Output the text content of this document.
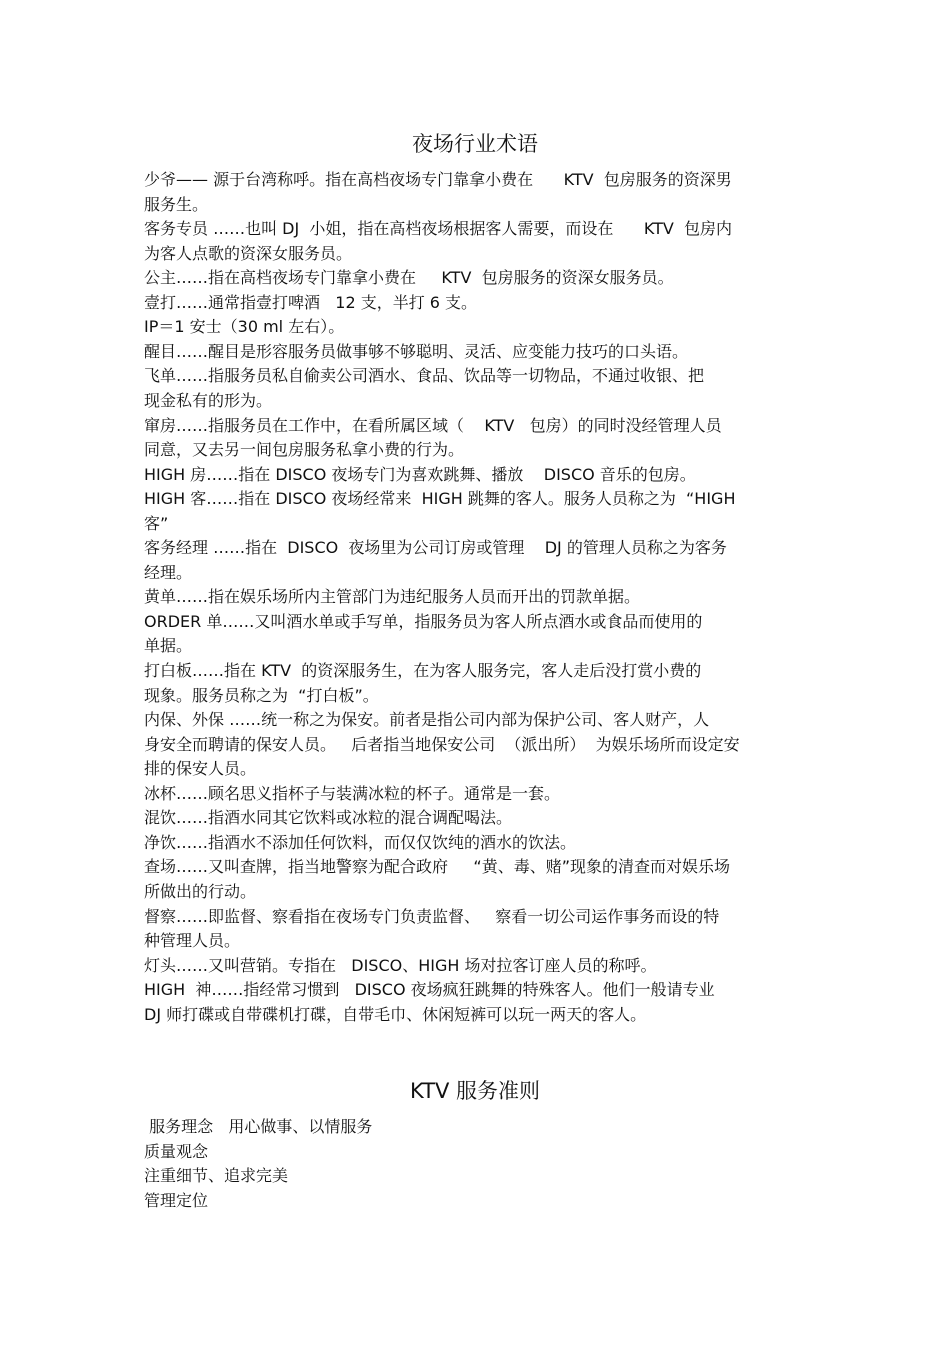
夜场行业术语
少爷—— 源于台湾称呼。指在高档夜场专门靠拿小费在      KTV  包房服务的资深男
服务生。
客务专员 ……也叫 DJ  小姐，指在高档夜场根据客人需要，而设在      KTV  包房内
为客人点歌的资深女服务员。
公主……指在高档夜场专门靠拿小费在     KTV  包房服务的资深女服务员。
壹打……通常指壹打啤酒   12 支，半打 6 支。
IP＝1 安士（30 ml 左右）。
醒目……醒目是形容服务员做事够不够聪明、灵活、应变能力技巧的口头语。
飞单……指服务员私自偷卖公司酒水、食品、饮品等一切物品，不通过收银、把
现金私有的形为。
窜房……指服务员在工作中，在看所属区域（    KTV   包房）的同时没经管理人员
同意，又去另一间包房服务私拿小费的行为。
HIGH 房……指在 DISCO 夜场专门为喜欢跳舞、播放    DISCO 音乐的包房。
HIGH 客……指在 DISCO 夜场经常来  HIGH 跳舞的客人。服务人员称之为  “HIGH
客”
客务经理 ……指在  DISCO  夜场里为公司订房或管理    DJ 的管理人员称之为客务
经理。
黄单……指在娱乐场所内主管部门为违纪服务人员而开出的罚款单据。
ORDER 单……又叫酒水单或手写单，指服务员为客人所点酒水或食品而使用的
单据。
打白板……指在 KTV  的资深服务生，在为客人服务完，客人走后没打赏小费的
现象。服务员称之为  “打白板”。
内保、外保 ……统一称之为保安。前者是指公司内部为保护公司、客人财产，人
身安全而聘请的保安人员。   后者指当地保安公司  （派出所）  为娱乐场所而设定安
排的保安人员。
冰杯……顾名思义指杯子与装满冰粒的杯子。通常是一套。
混饮……指酒水同其它饮料或冰粒的混合调配喝法。
净饮……指酒水不添加任何饮料，而仅仅饮纯的酒水的饮法。
查场……又叫查牌，指当地警察为配合政府     “黄、毒、赌”现象的清查而对娱乐场
所做出的行动。
督察……即监督、察看指在夜场专门负责监督、   察看一切公司运作事务而设的特
种管理人员。
灯头……又叫营销。专指在   DISCO、HIGH 场对拉客订座人员的称呼。
HIGH  神……指经常习惯到   DISCO 夜场疯狂跳舞的特殊客人。他们一般请专业
DJ 师打碟或自带碟机打碟，自带毛巾、休闲短裤可以玩一两天的客人。
KTV 服务准则
服务理念   用心做事、以情服务
质量观念
注重细节、追求完美
管理定位
